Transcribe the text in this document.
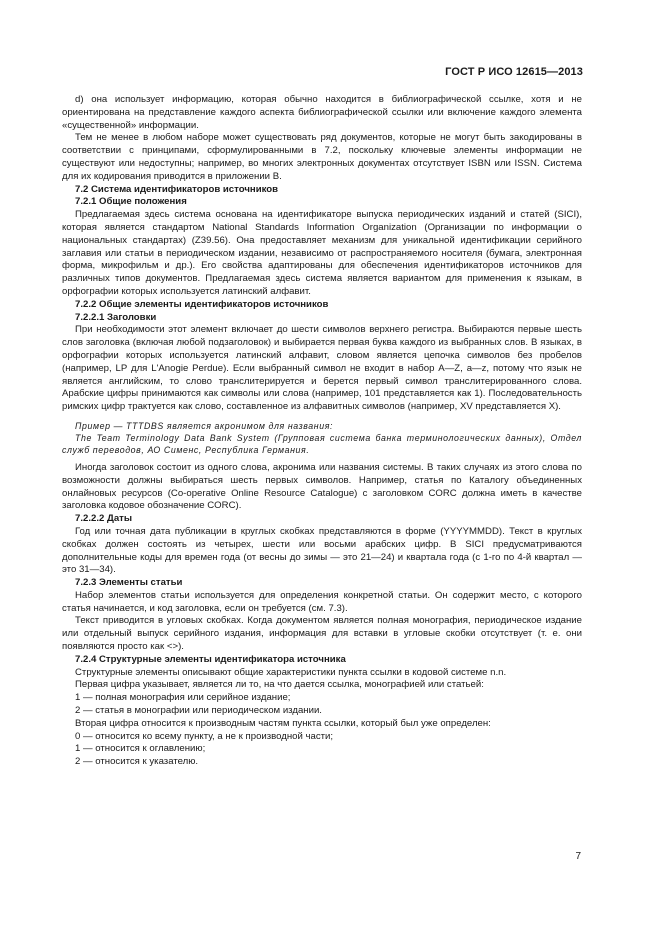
ГОСТ Р ИСО 12615—2013

d) она использует информацию, которая обычно находится в библиографической ссылке, хотя и не ориентирована на представление каждого аспекта библиографической ссылки или включение каждого элемента «существенной» информации.

Тем не менее в любом наборе может существовать ряд документов, которые не могут быть закодированы в соответствии с принципами, сформулированными в 7.2, поскольку ключевые элементы информации не существуют или недоступны; например, во многих электронных документах отсутствует ISBN или ISSN. Система для их кодирования приводится в приложении В.

7.2 Система идентификаторов источников

7.2.1 Общие положения

Предлагаемая здесь система основана на идентификаторе выпуска периодических изданий и статей (SICI), которая является стандартом National Standards Information Organization (Организации по информации о национальных стандартах) (Z39.56). Она предоставляет механизм для уникальной идентификации серийного заглавия или статьи в периодическом издании, независимо от распространяемого носителя (бумага, электронная форма, микрофильм и др.). Его свойства адаптированы для обеспечения идентификаторов источников для различных типов документов. Предлагаемая здесь система является вариантом для применения к языкам, в орфографии которых используется латинский алфавит.

7.2.2 Общие элементы идентификаторов источников

7.2.2.1 Заголовки

При необходимости этот элемент включает до шести символов верхнего регистра. Выбираются первые шесть слов заголовка (включая любой подзаголовок) и выбирается первая буква каждого из выбранных слов. В языках, в орфографии которых используется латинский алфавит, словом является цепочка символов без пробелов (например, LP для L'Anogie Perdue). Если выбранный символ не входит в набор A—Z, a—z, потому что язык не является английским, то слово транслитерируется и берется первый символ транслитерированного слова. Арабские цифры принимаются как символы или слова (например, 101 представляется как 1). Последовательность римских цифр трактуется как слово, составленное из алфавитных символов (например, XV представляется X).

Пример — TTTDBS является акронимом для названия:

The Team Terminology Data Bank System (Групповая система банка терминологических данных), Отдел служб переводов, АО Сименс, Республика Германия.

Иногда заголовок состоит из одного слова, акронима или названия системы. В таких случаях из этого слова по возможности должны выбираться шесть первых символов. Например, статья по Каталогу объединенных онлайновых ресурсов (Co-operative Online Resource Catalogue) с заголовком CORC должна иметь в качестве заголовка кодовое обозначение CORC).

7.2.2.2 Даты

Год или точная дата публикации в круглых скобках представляются в форме (YYYYMMDD). Текст в круглых скобках должен состоять из четырех, шести или восьми арабских цифр. В SICI предусматриваются дополнительные коды для времен года (от весны до зимы — это 21—24) и квартала года (с 1-го по 4-й квартал — это 31—34).

7.2.3 Элементы статьи

Набор элементов статьи используется для определения конкретной статьи. Он содержит место, с которого статья начинается, и код заголовка, если он требуется (см. 7.3).

Текст приводится в угловых скобках. Когда документом является полная монография, периодическое издание или отдельный выпуск серийного издания, информация для вставки в угловые скобки отсутствует (т. е. они появляются просто как <>).

7.2.4 Структурные элементы идентификатора источника

Структурные элементы описывают общие характеристики пункта ссылки в кодовой системе n.n.

Первая цифра указывает, является ли то, на что дается ссылка, монографией или статьей:

1 — полная монография или серийное издание;

2 — статья в монографии или периодическом издании.

Вторая цифра относится к производным частям пункта ссылки, который был уже определен:

0 — относится ко всему пункту, а не к производной части;

1 — относится к оглавлению;

2 — относится к указателю.

7
